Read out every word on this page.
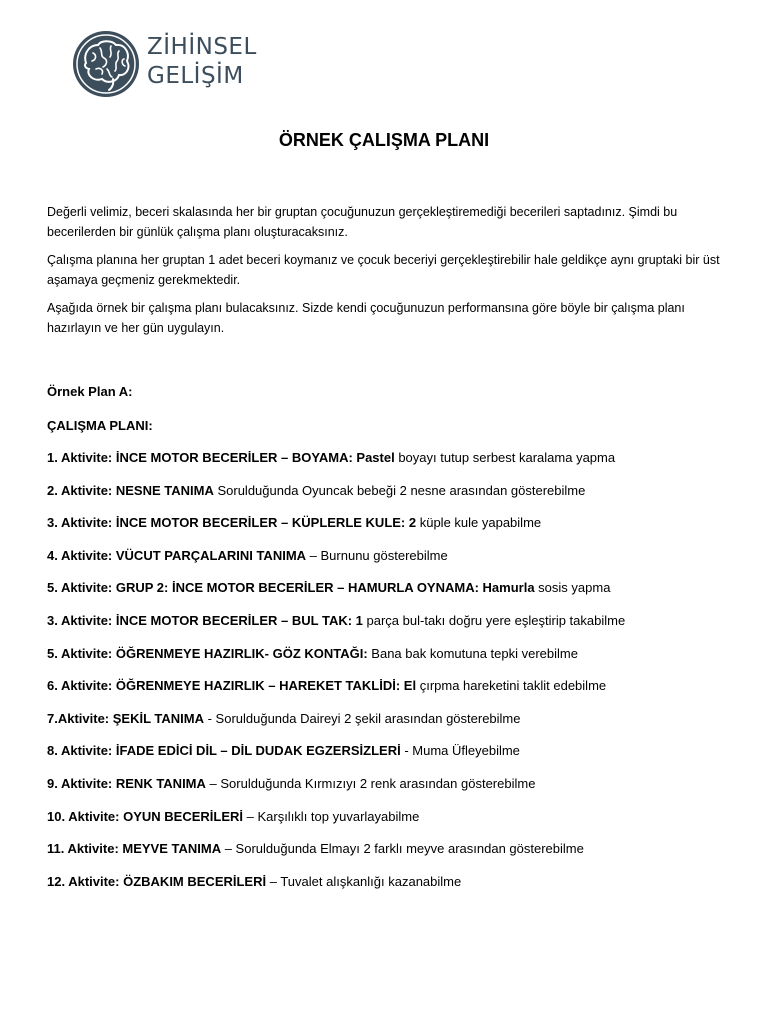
ZİHİNSEL
GELİŞİM
ÖRNEK ÇALIŞMA PLANI

Değerli velimiz, beceri skalasında her bir gruptan çocuğunuzun gerçekleştiremediği becerileri saptadınız. Şimdi bu becerilerden bir günlük çalışma planı oluşturacaksınız.

Çalışma planına her gruptan 1 adet beceri koymanız ve çocuk beceriyi gerçekleştirebilir hale geldikçe aynı gruptaki bir üst aşamaya geçmeniz gerekmektedir.

Aşağıda örnek bir çalışma planı bulacaksınız. Sizde kendi çocuğunuzun performansına göre böyle bir çalışma planı hazırlayın ve her gün uygulayın.

Örnek Plan A:
ÇALIŞMA PLANI:
1. Aktivite: İNCE MOTOR BECERİLER – BOYAMA: Pastel boyayı tutup serbest karalama yapma
2. Aktivite: NESNE TANIMA Sorulduğunda Oyuncak bebeği 2 nesne arasından gösterebilme
3. Aktivite: İNCE MOTOR BECERİLER – KÜPLERLE KULE: 2 küple kule yapabilme
4. Aktivite: VÜCUT PARÇALARINI TANIMA – Burnunu gösterebilme
5. Aktivite: GRUP 2: İNCE MOTOR BECERİLER – HAMURLA OYNAMA: Hamurla sosis yapma
3. Aktivite: İNCE MOTOR BECERİLER – BUL TAK: 1 parça bul-takı doğru yere eşleştirip takabilme
5. Aktivite: ÖĞRENMEYE HAZIRLIK- GÖZ KONTAĞI: Bana bak komutuna tepki verebilme
6. Aktivite: ÖĞRENMEYE HAZIRLIK – HAREKET TAKLİDİ: El çırpma hareketini taklit edebilme
7.Aktivite: ŞEKİL TANIMA - Sorulduğunda Daireyi 2 şekil arasından gösterebilme
8. Aktivite: İFADE EDİCİ DİL – DİL DUDAK EGZERSİZLERİ - Muma Üfleyebilme
9. Aktivite: RENK TANIMA – Sorulduğunda Kırmızıyı 2 renk arasından gösterebilme
10. Aktivite: OYUN BECERİLERİ – Karşılıklı top yuvarlayabilme
11. Aktivite: MEYVE TANIMA – Sorulduğunda Elmayı 2 farklı meyve arasından gösterebilme
12. Aktivite: ÖZBAKIM BECERİLERİ – Tuvalet alışkanlığı kazanabilme
